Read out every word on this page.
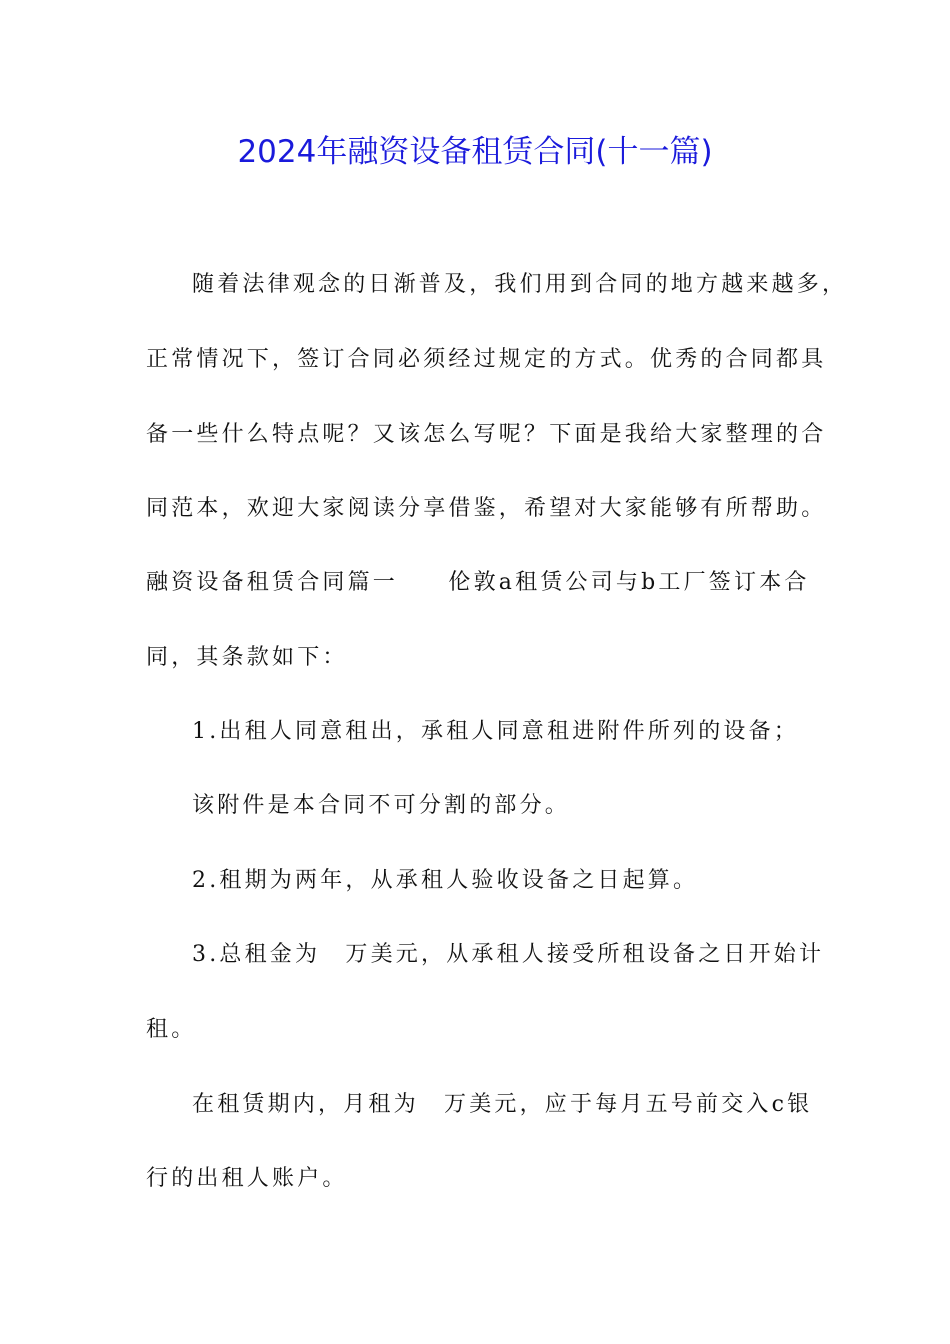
2024年融资设备租赁合同(十一篇)
随着法律观念的日渐普及，我们用到合同的地方越来越多，
正常情况下，签订合同必须经过规定的方式。优秀的合同都具
备一些什么特点呢？又该怎么写呢？下面是我给大家整理的合
同范本，欢迎大家阅读分享借鉴，希望对大家能够有所帮助。
融资设备租赁合同篇一　　伦敦a租赁公司与b工厂签订本合
同，其条款如下：
1.出租人同意租出，承租人同意租进附件所列的设备；
该附件是本合同不可分割的部分。
2.租期为两年，从承租人验收设备之日起算。
3.总租金为　万美元，从承租人接受所租设备之日开始计
租。
在租赁期内，月租为　万美元，应于每月五号前交入c银
行的出租人账户。
